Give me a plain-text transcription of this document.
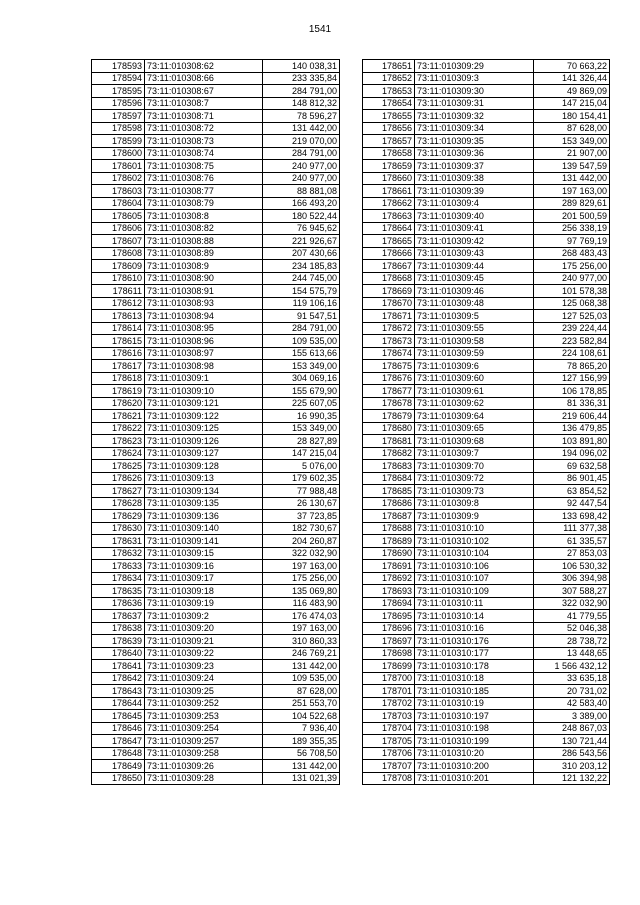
1541
178593	73:11:010308:62	140 038,31
178594	73:11:010308:66	233 335,84
178595	73:11:010308:67	284 791,00
178596	73:11:010308:7	148 812,32
178597	73:11:010308:71	78 596,27
178598	73:11:010308:72	131 442,00
178599	73:11:010308:73	219 070,00
178600	73:11:010308:74	284 791,00
178601	73:11:010308:75	240 977,00
178602	73:11:010308:76	240 977,00
178603	73:11:010308:77	88 881,08
178604	73:11:010308:79	166 493,20
178605	73:11:010308:8	180 522,44
178606	73:11:010308:82	76 945,62
178607	73:11:010308:88	221 926,67
178608	73:11:010308:89	207 430,66
178609	73:11:010308:9	234 185,83
178610	73:11:010308:90	244 745,00
178611	73:11:010308:91	154 575,79
178612	73:11:010308:93	119 106,16
178613	73:11:010308:94	91 547,51
178614	73:11:010308:95	284 791,00
178615	73:11:010308:96	109 535,00
178616	73:11:010308:97	155 613,66
178617	73:11:010308:98	153 349,00
178618	73:11:010309:1	304 069,16
178619	73:11:010309:10	155 679,90
178620	73:11:010309:121	225 607,05
178621	73:11:010309:122	16 990,35
178622	73:11:010309:125	153 349,00
178623	73:11:010309:126	28 827,89
178624	73:11:010309:127	147 215,04
178625	73:11:010309:128	5 076,00
178626	73:11:010309:13	179 602,35
178627	73:11:010309:134	77 988,48
178628	73:11:010309:135	26 130,67
178629	73:11:010309:136	37 723,85
178630	73:11:010309:140	182 730,67
178631	73:11:010309:141	204 260,87
178632	73:11:010309:15	322 032,90
178633	73:11:010309:16	197 163,00
178634	73:11:010309:17	175 256,00
178635	73:11:010309:18	135 069,80
178636	73:11:010309:19	116 483,90
178637	73:11:010309:2	176 474,03
178638	73:11:010309:20	197 163,00
178639	73:11:010309:21	310 860,33
178640	73:11:010309:22	246 769,21
178641	73:11:010309:23	131 442,00
178642	73:11:010309:24	109 535,00
178643	73:11:010309:25	87 628,00
178644	73:11:010309:252	251 553,70
178645	73:11:010309:253	104 522,68
178646	73:11:010309:254	7 936,40
178647	73:11:010309:257	189 355,35
178648	73:11:010309:258	56 708,50
178649	73:11:010309:26	131 442,00
178650	73:11:010309:28	131 021,39
178651	73:11:010309:29	70 663,22
178652	73:11:010309:3	141 326,44
178653	73:11:010309:30	49 869,09
178654	73:11:010309:31	147 215,04
178655	73:11:010309:32	180 154,41
178656	73:11:010309:34	87 628,00
178657	73:11:010309:35	153 349,00
178658	73:11:010309:36	21 907,00
178659	73:11:010309:37	139 547,59
178660	73:11:010309:38	131 442,00
178661	73:11:010309:39	197 163,00
178662	73:11:010309:4	289 829,61
178663	73:11:010309:40	201 500,59
178664	73:11:010309:41	256 338,19
178665	73:11:010309:42	97 769,19
178666	73:11:010309:43	268 483,43
178667	73:11:010309:44	175 256,00
178668	73:11:010309:45	240 977,00
178669	73:11:010309:46	101 578,38
178670	73:11:010309:48	125 068,38
178671	73:11:010309:5	127 525,03
178672	73:11:010309:55	239 224,44
178673	73:11:010309:58	223 582,84
178674	73:11:010309:59	224 108,61
178675	73:11:010309:6	78 865,20
178676	73:11:010309:60	127 156,99
178677	73:11:010309:61	106 178,85
178678	73:11:010309:62	81 336,31
178679	73:11:010309:64	219 606,44
178680	73:11:010309:65	136 479,85
178681	73:11:010309:68	103 891,80
178682	73:11:010309:7	194 096,02
178683	73:11:010309:70	69 632,58
178684	73:11:010309:72	86 901,45
178685	73:11:010309:73	63 854,52
178686	73:11:010309:8	92 447,54
178687	73:11:010309:9	133 698,42
178688	73:11:010310:10	111 377,38
178689	73:11:010310:102	61 335,57
178690	73:11:010310:104	27 853,03
178691	73:11:010310:106	106 530,32
178692	73:11:010310:107	306 394,98
178693	73:11:010310:109	307 588,27
178694	73:11:010310:11	322 032,90
178695	73:11:010310:14	41 779,55
178696	73:11:010310:16	52 046,38
178697	73:11:010310:176	28 738,72
178698	73:11:010310:177	13 448,65
178699	73:11:010310:178	1 566 432,12
178700	73:11:010310:18	33 635,18
178701	73:11:010310:185	20 731,02
178702	73:11:010310:19	42 583,40
178703	73:11:010310:197	3 389,00
178704	73:11:010310:198	248 867,03
178705	73:11:010310:199	130 721,44
178706	73:11:010310:20	286 543,56
178707	73:11:010310:200	310 203,12
178708	73:11:010310:201	121 132,22
